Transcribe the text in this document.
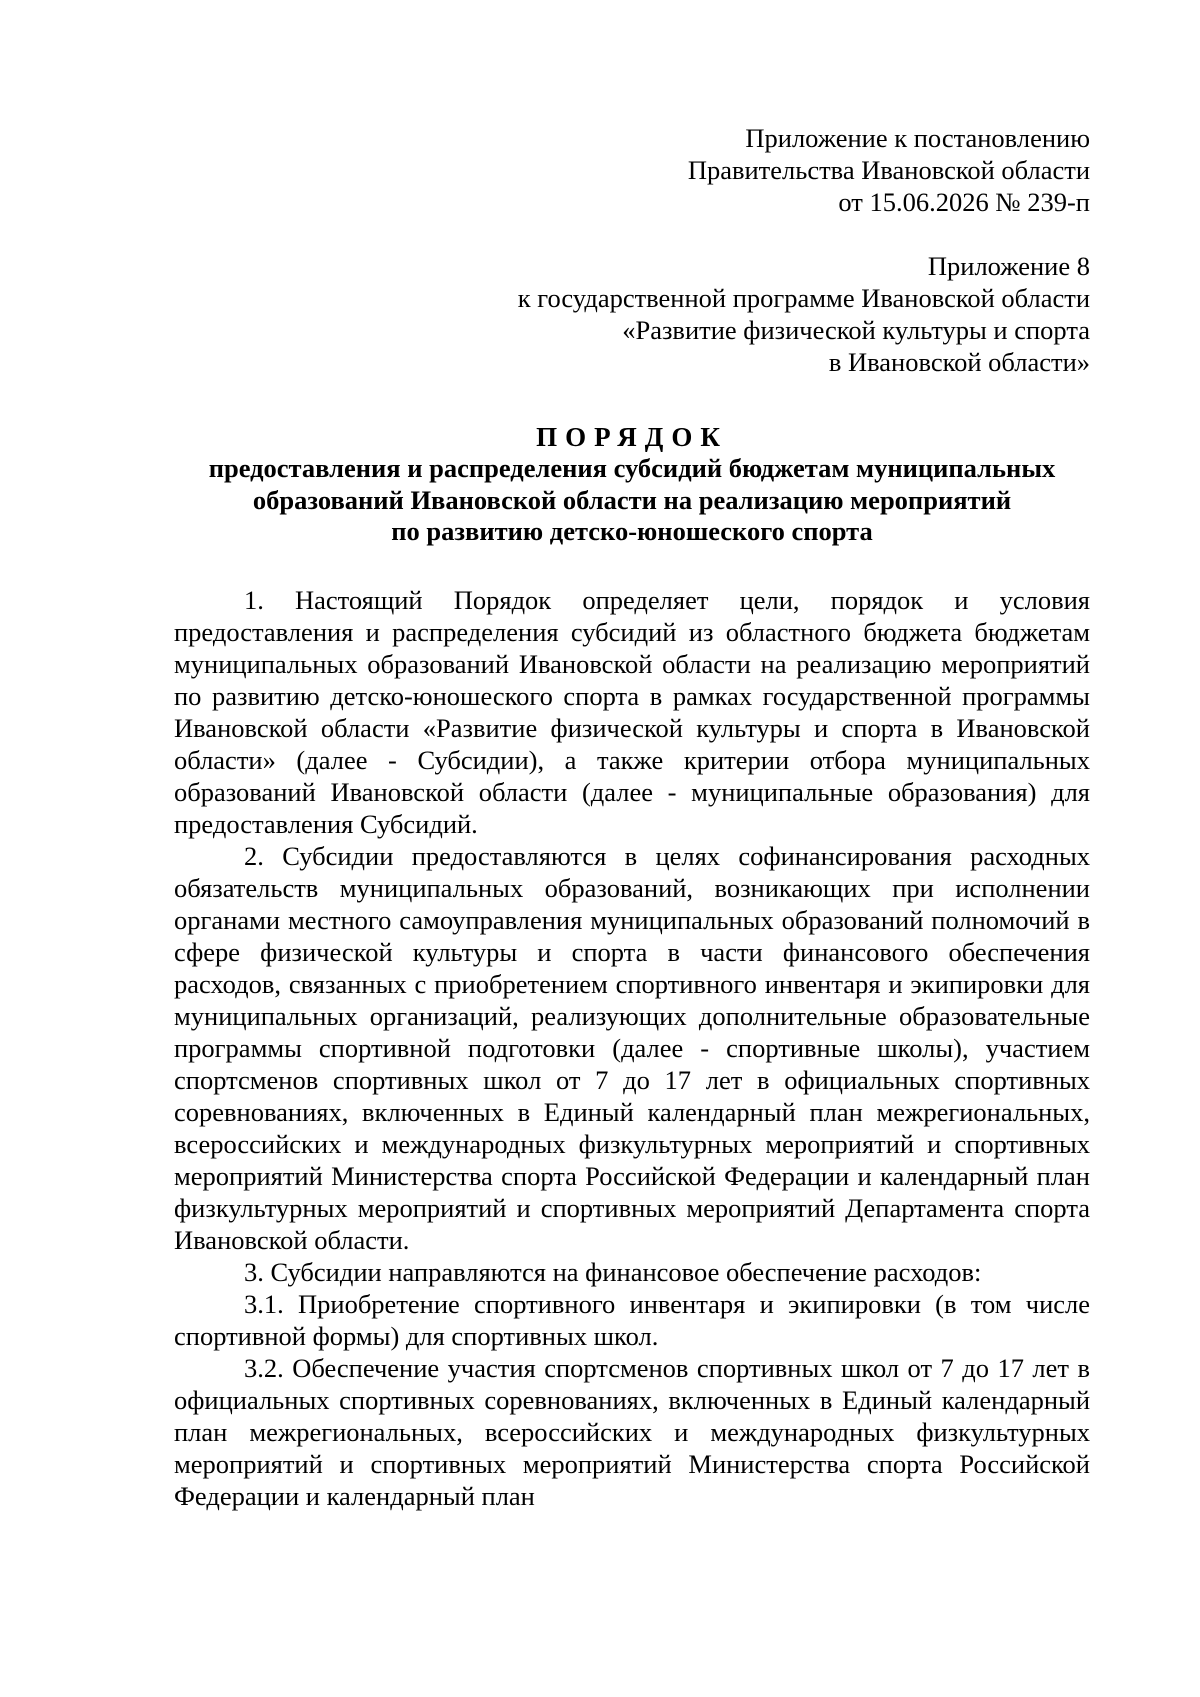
Приложение к постановлению
Правительства Ивановской области
от 15.06.2026 № 239-п
Приложение 8
к государственной программе Ивановской области
«Развитие физической культуры и спорта
в Ивановской области»
ПОРЯДОК
предоставления и распределения субсидий бюджетам муниципальных
образований Ивановской области на реализацию мероприятий
по развитию детско-юношеского спорта

1. Настоящий Порядок определяет цели, порядок и условия предоставления и распределения субсидий из областного бюджета бюджетам муниципальных образований Ивановской области на реализацию мероприятий по развитию детско-юношеского спорта в рамках государственной программы Ивановской области «Развитие физической культуры и спорта в Ивановской области» (далее - Субсидии), а также критерии отбора муниципальных образований Ивановской области (далее - муниципальные образования) для предоставления Субсидий.

2. Субсидии предоставляются в целях софинансирования расходных обязательств муниципальных образований, возникающих при исполнении органами местного самоуправления муниципальных образований полномочий в сфере физической культуры и спорта в части финансового обеспечения расходов, связанных с приобретением спортивного инвентаря и экипировки для муниципальных организаций, реализующих дополнительные образовательные программы спортивной подготовки (далее - спортивные школы), участием спортсменов спортивных школ от 7 до 17 лет в официальных спортивных соревнованиях, включенных в Единый календарный план межрегиональных, всероссийских и международных физкультурных мероприятий и спортивных мероприятий Министерства спорта Российской Федерации и календарный план физкультурных мероприятий и спортивных мероприятий Департамента спорта Ивановской области.

3. Субсидии направляются на финансовое обеспечение расходов:

3.1. Приобретение спортивного инвентаря и экипировки (в том числе спортивной формы) для спортивных школ.

3.2. Обеспечение участия спортсменов спортивных школ от 7 до 17 лет в официальных спортивных соревнованиях, включенных в Единый календарный план межрегиональных, всероссийских и международных физкультурных мероприятий и спортивных мероприятий Министерства спорта Российской Федерации и календарный план
